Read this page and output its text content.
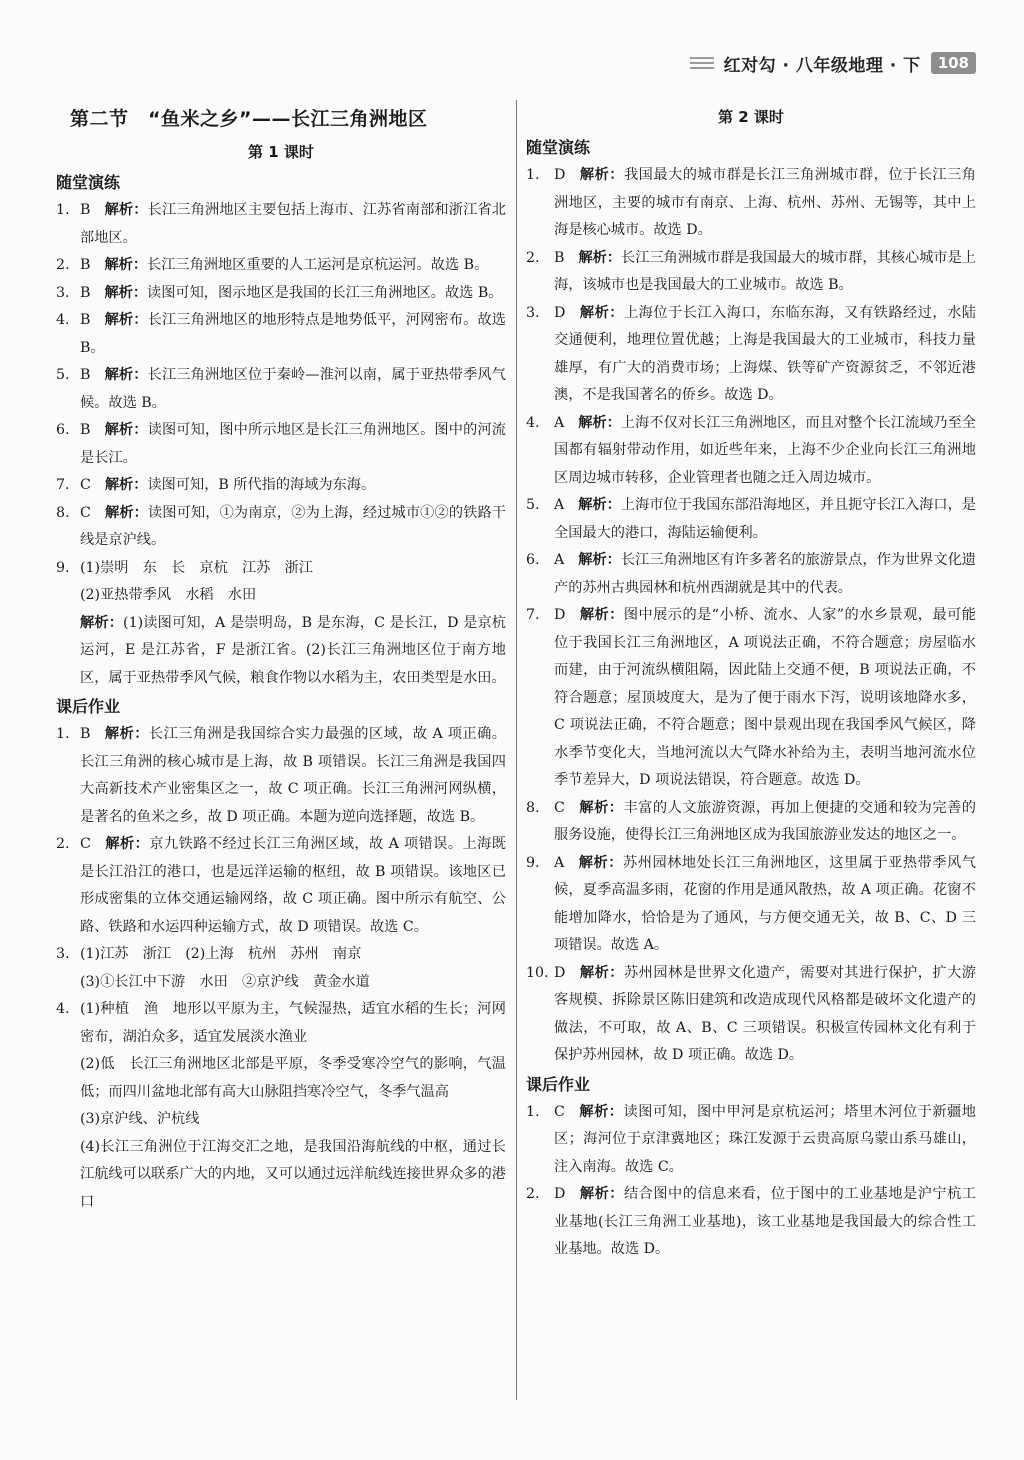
红对勾 · 八年级地理 · 下	108
第二节　“鱼米之乡”——长江三角洲地区
第 1 课时
随堂演练
1. B 解析：长江三角洲地区主要包括上海市、江苏省南部和浙江省北部地区。
2. B 解析：长江三角洲地区重要的人工运河是京杭运河。故选 B。
3. B 解析：读图可知，图示地区是我国的长江三角洲地区。故选 B。
4. B 解析：长江三角洲地区的地形特点是地势低平，河网密布。故选 B。
5. B 解析：长江三角洲地区位于秦岭—淮河以南，属于亚热带季风气候。故选 B。
6. B 解析：读图可知，图中所示地区是长江三角洲地区。图中的河流是长江。
7. C 解析：读图可知，B 所代指的海域为东海。
8. C 解析：读图可知，①为南京，②为上海，经过城市①②的铁路干线是京沪线。
9. (1)崇明　东　长　京杭　江苏　浙江
(2)亚热带季风　水稻　水田
解析：(1)读图可知，A 是崇明岛，B 是东海，C 是长江，D 是京杭运河，E 是江苏省，F 是浙江省。(2)长江三角洲地区位于南方地区，属于亚热带季风气候，粮食作物以水稻为主，农田类型是水田。
课后作业
1. B 解析：长江三角洲是我国综合实力最强的区域，故 A 项正确。长江三角洲的核心城市是上海，故 B 项错误。长江三角洲是我国四大高新技术产业密集区之一，故 C 项正确。长江三角洲河网纵横，是著名的鱼米之乡，故 D 项正确。本题为逆向选择题，故选 B。
2. C 解析：京九铁路不经过长江三角洲区域，故 A 项错误。上海既是长江沿江的港口，也是远洋运输的枢纽，故 B 项错误。该地区已形成密集的立体交通运输网络，故 C 项正确。图中所示有航空、公路、铁路和水运四种运输方式，故 D 项错误。故选 C。
3. (1)江苏　浙江　(2)上海　杭州　苏州　南京
(3)①长江中下游　水田　②京沪线　黄金水道
4. (1)种植　渔　地形以平原为主，气候湿热，适宜水稻的生长；河网密布，湖泊众多，适宜发展淡水渔业
(2)低　长江三角洲地区北部是平原，冬季受寒冷空气的影响，气温低；而四川盆地北部有高大山脉阻挡寒冷空气，冬季气温高
(3)京沪线、沪杭线
(4)长江三角洲位于江海交汇之地，是我国沿海航线的中枢，通过长江航线可以联系广大的内地，又可以通过远洋航线连接世界众多的港口
第 2 课时
随堂演练
1.	D 解析：我国最大的城市群是长江三角洲城市群，位于长江三角洲地区，主要的城市有南京、上海、杭州、苏州、无锡等，其中上海是核心城市。故选 D。
2.	B 解析：长江三角洲城市群是我国最大的城市群，其核心城市是上海，该城市也是我国最大的工业城市。故选 B。
3.	D 解析：上海位于长江入海口，东临东海，又有铁路经过，水陆交通便利，地理位置优越；上海是我国最大的工业城市，科技力量雄厚，有广大的消费市场；上海煤、铁等矿产资源贫乏，不邻近港澳，不是我国著名的侨乡。故选 D。
4.	A 解析：上海不仅对长江三角洲地区，而且对整个长江流域乃至全国都有辐射带动作用，如近些年来，上海不少企业向长江三角洲地区周边城市转移，企业管理者也随之迁入周边城市。
5.	A 解析：上海市位于我国东部沿海地区，并且扼守长江入海口，是全国最大的港口，海陆运输便利。
6.	A 解析：长江三角洲地区有许多著名的旅游景点，作为世界文化遗产的苏州古典园林和杭州西湖就是其中的代表。
7.	D 解析：图中展示的是“小桥、流水、人家”的水乡景观，最可能位于我国长江三角洲地区，A 项说法正确，不符合题意；房屋临水而建，由于河流纵横阻隔，因此陆上交通不便，B 项说法正确，不符合题意；屋顶坡度大，是为了便于雨水下泻，说明该地降水多，C 项说法正确，不符合题意；图中景观出现在我国季风气候区，降水季节变化大，当地河流以大气降水补给为主，表明当地河流水位季节差异大，D 项说法错误，符合题意。故选 D。
8.	C 解析：丰富的人文旅游资源，再加上便捷的交通和较为完善的服务设施，使得长江三角洲地区成为我国旅游业发达的地区之一。
9.	A 解析：苏州园林地处长江三角洲地区，这里属于亚热带季风气候，夏季高温多雨，花窗的作用是通风散热，故 A 项正确。花窗不能增加降水，恰恰是为了通风，与方便交通无关，故 B、C、D 三项错误。故选 A。
10. D 解析：苏州园林是世界文化遗产，需要对其进行保护，扩大游客规模、拆除景区陈旧建筑和改造成现代风格都是破坏文化遗产的做法，不可取，故 A、B、C 三项错误。积极宣传园林文化有利于保护苏州园林，故 D 项正确。故选 D。
课后作业
1.	C 解析：读图可知，图中甲河是京杭运河；塔里木河位于新疆地区；海河位于京津冀地区；珠江发源于云贵高原乌蒙山系马雄山，注入南海。故选 C。
2.	D 解析：结合图中的信息来看，位于图中的工业基地是沪宁杭工业基地(长江三角洲工业基地)，该工业基地是我国最大的综合性工业基地。故选 D。
